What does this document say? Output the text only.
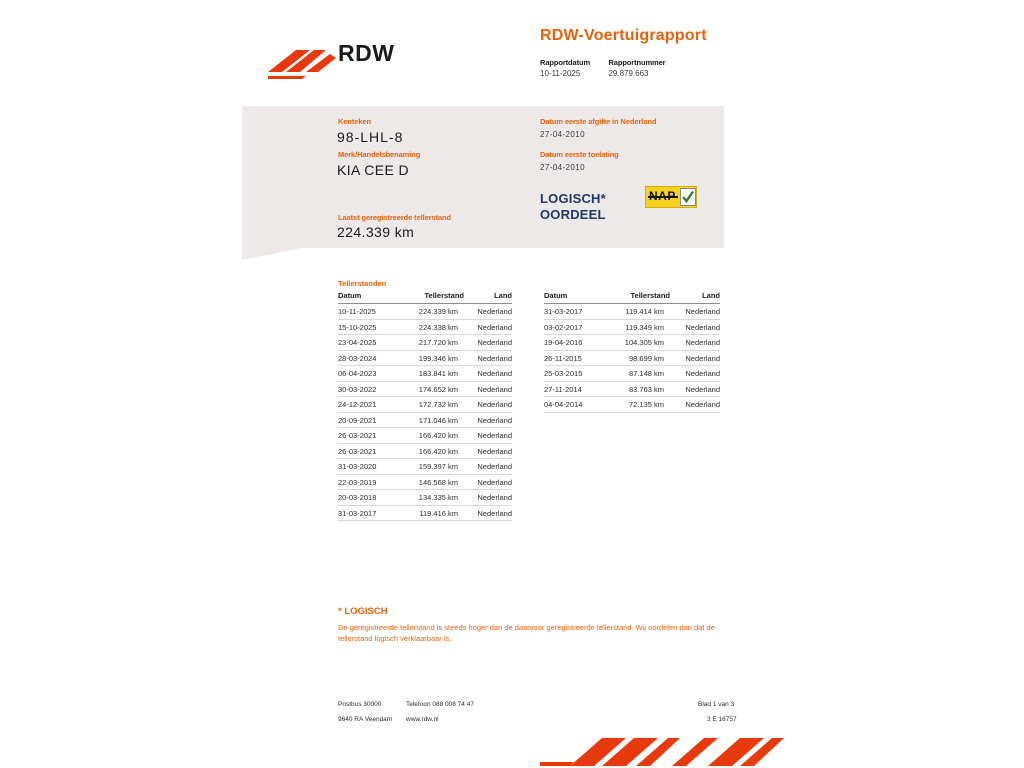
RDW
RDW-Voertuigrapport
Rapportdatum
10-11-2025

Rapportnummer
29.879.663
Kenteken
98-LHL-8
Merk/Handelsbenaming
KIA CEE D
Laatst geregistreerde tellerstand
224.339 km
Datum eerste afgifte in Nederland
27-04-2010
Datum eerste toelating
27-04-2010
LOGISCH*
OORDEEL
Tellerstanden
Datum	Tellerstand	Land
10-11-2025	224.339 km	Nederland
15-10-2025	224.338 km	Nederland
23-04-2025	217.720 km	Nederland
28-03-2024	199.346 km	Nederland
06-04-2023	183.841 km	Nederland
30-03-2022	174.652 km	Nederland
24-12-2021	172.732 km	Nederland
20-09-2021	171.046 km	Nederland
26-03-2021	166.420 km	Nederland
26-03-2021	166.420 km	Nederland
31-03-2020	159.397 km	Nederland
22-03-2019	146.568 km	Nederland
20-03-2018	134.335 km	Nederland
31-03-2017	119.416 km	Nederland
Datum	Tellerstand	Land
31-03-2017	119.414 km	Nederland
03-02-2017	119.349 km	Nederland
19-04-2016	104.305 km	Nederland
26-11-2015	98.699 km	Nederland
25-03-2015	87.148 km	Nederland
27-11-2014	83.763 km	Nederland
04-04-2014	72.135 km	Nederland
* LOGISCH
De geregistreerde tellerstand is steeds hoger dan de daarvoor geregistreerde tellerstand. Wij oordelen dan dat de tellerstand logisch verklaarbaar is.
Postbus 30000
9640 RA Veendam
Telefoon 088 008 74 47
www.rdw.nl
Blad 1 van 3
3 E 16757
